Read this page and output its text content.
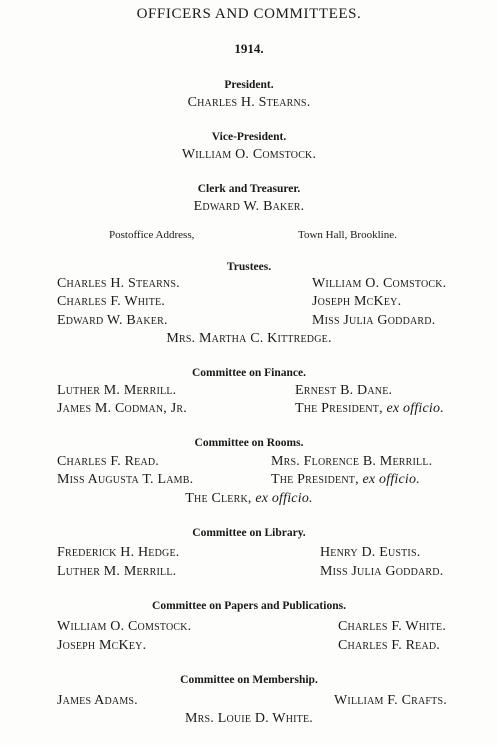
OFFICERS AND COMMITTEES.
1914.
President.
Charles H. Stearns.
Vice-President.
William O. Comstock.
Clerk and Treasurer.
Edward W. Baker.
Postoffice Address,	Town Hall, Brookline.
Trustees.
Charles H. Stearns.
Charles F. White.
Edward W. Baker.
William O. Comstock.
Joseph McKey.
Miss Julia Goddard.
Mrs. Martha C. Kittredge.
Committee on Finance.
Luther M. Merrill.
James M. Codman, Jr.
Ernest B. Dane.
The President, ex officio.
Committee on Rooms.
Charles F. Read.
Miss Augusta T. Lamb.
Mrs. Florence B. Merrill.
The President, ex officio.
The Clerk, ex officio.
Committee on Library.
Frederick H. Hedge.
Luther M. Merrill.
Henry D. Eustis.
Miss Julia Goddard.
Committee on Papers and Publications.
William O. Comstock.
Joseph McKey.
Charles F. White.
Charles F. Read.
Committee on Membership.
James Adams.	William F. Crafts.
Mrs. Louie D. White.
